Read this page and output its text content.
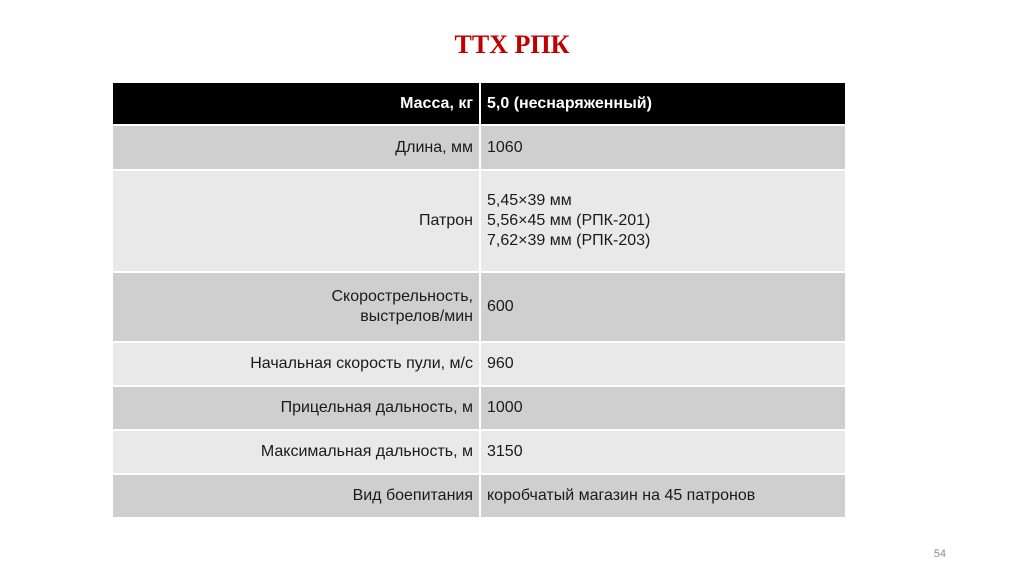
ТТХ РПК
Масса, кг	5,0 (неснаряженный)
Длина, мм	1060
Патрон	5,45×39 мм
5,56×45 мм (РПК-201)
7,62×39 мм (РПК-203)

Скорострельность,
выстрелов/мин	600
Начальная скорость пули, м/с	960
Прицельная дальность, м	1000
Максимальная дальность, м	3150
Вид боепитания	коробчатый магазин на 45 патронов
54
